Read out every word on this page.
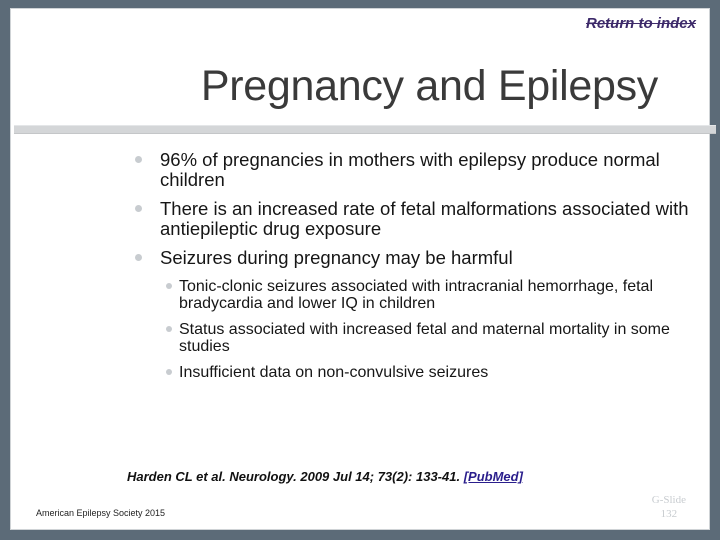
Return to index
Pregnancy and Epilepsy
96% of pregnancies in mothers with epilepsy produce normal children
There is an increased rate of fetal malformations associated with antiepileptic drug exposure
Seizures during pregnancy may be harmful
Tonic-clonic seizures associated with intracranial hemorrhage, fetal bradycardia and lower IQ in children
Status associated with increased fetal and maternal mortality in some studies
Insufficient data on non-convulsive seizures
Harden CL et al. Neurology. 2009 Jul 14; 73(2): 133-41. [PubMed]
American Epilepsy Society 2015
G-Slide
132
